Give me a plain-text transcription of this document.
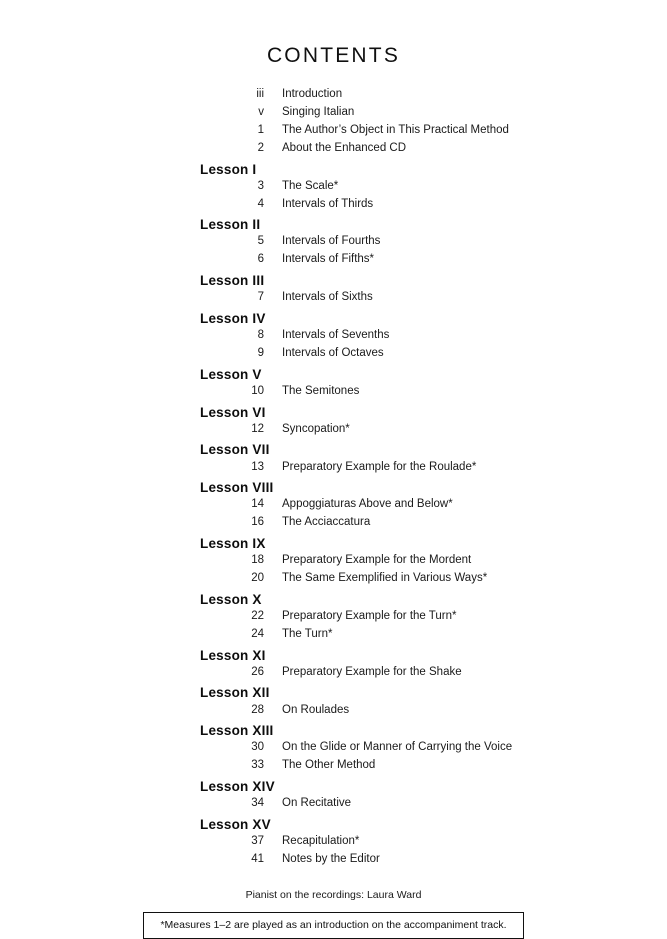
CONTENTS
iii	Introduction
v	Singing Italian
1	The Author’s Object in This Practical Method
2	About the Enhanced CD
Lesson I
3	The Scale*
4	Intervals of Thirds
Lesson II
5	Intervals of Fourths
6	Intervals of Fifths*
Lesson III
7	Intervals of Sixths
Lesson IV
8	Intervals of Sevenths
9	Intervals of Octaves
Lesson V
10	The Semitones
Lesson VI
12	Syncopation*
Lesson VII
13	Preparatory Example for the Roulade*
Lesson VIII
14	Appoggiaturas Above and Below*
16	The Acciaccatura
Lesson IX
18	Preparatory Example for the Mordent
20	The Same Exemplified in Various Ways*
Lesson X
22	Preparatory Example for the Turn*
24	The Turn*
Lesson XI
26	Preparatory Example for the Shake
Lesson XII
28	On Roulades
Lesson XIII
30	On the Glide or Manner of Carrying the Voice
33	The Other Method
Lesson XIV
34	On Recitative
Lesson XV
37	Recapitulation*
41	Notes by the Editor
Pianist on the recordings: Laura Ward
*Measures 1–2 are played as an introduction on the accompaniment track.
